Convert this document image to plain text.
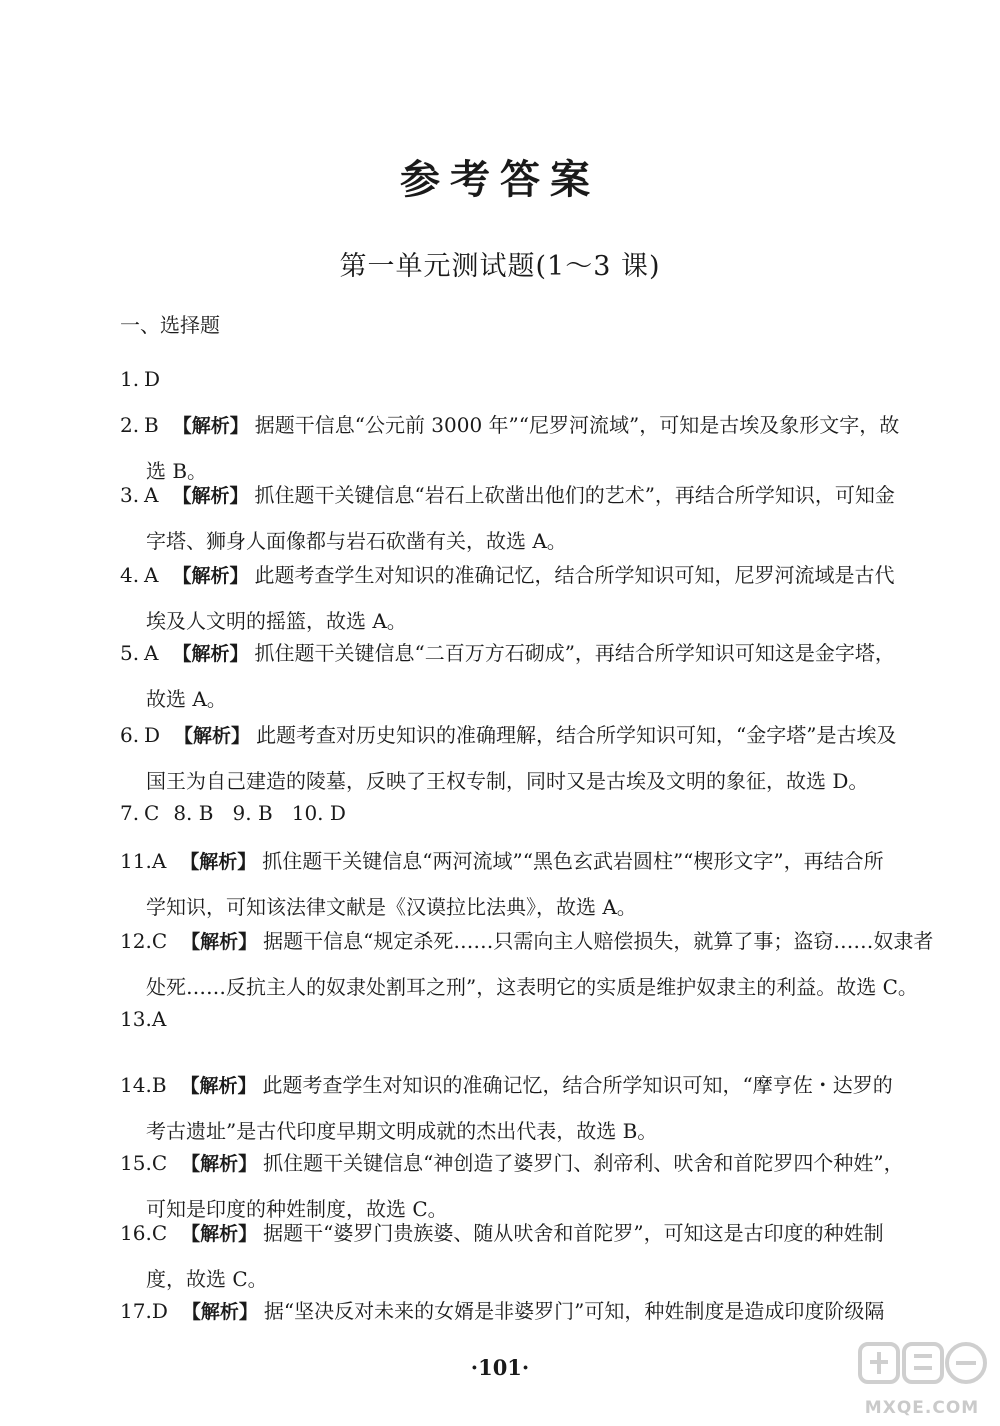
参考答案
第一单元测试题(1～3 课)
一、选择题
1. D
2. B 【解析】 据题干信息“公元前 3000 年”“尼罗河流域”，可知是古埃及象形文字，故
选 B。
3. A 【解析】 抓住题干关键信息“岩石上砍凿出他们的艺术”，再结合所学知识，可知金
字塔、狮身人面像都与岩石砍凿有关，故选 A。
4. A 【解析】 此题考查学生对知识的准确记忆，结合所学知识可知，尼罗河流域是古代
埃及人文明的摇篮，故选 A。
5. A 【解析】 抓住题干关键信息“二百万方石砌成”，再结合所学知识可知这是金字塔，
故选 A。
6. D 【解析】 此题考查对历史知识的准确理解，结合所学知识可知，“金字塔”是古埃及
国王为自己建造的陵墓，反映了王权专制，同时又是古埃及文明的象征，故选 D。
7. C 8. B   9. B   10. D
11.A 【解析】 抓住题干关键信息“两河流域”“黑色玄武岩圆柱”“楔形文字”，再结合所
学知识，可知该法律文献是《汉谟拉比法典》，故选 A。
12.C 【解析】 据题干信息“规定杀死……只需向主人赔偿损失，就算了事；盗窃……奴隶者
处死……反抗主人的奴隶处割耳之刑”，这表明它的实质是维护奴隶主的利益。故选 C。
13.A
14.B 【解析】 此题考查学生对知识的准确记忆，结合所学知识可知，“摩亨佐・达罗的
考古遗址”是古代印度早期文明成就的杰出代表，故选 B。
15.C 【解析】 抓住题干关键信息“神创造了婆罗门、刹帝利、吠舍和首陀罗四个种姓”，
可知是印度的种姓制度，故选 C。
16.C 【解析】 据题干“婆罗门贵族婆、随从吠舍和首陀罗”，可知这是古印度的种姓制
度，故选 C。
17.D 【解析】 据“坚决反对未来的女婿是非婆罗门”可知，种姓制度是造成印度阶级隔
·101·
MXQE.COM
